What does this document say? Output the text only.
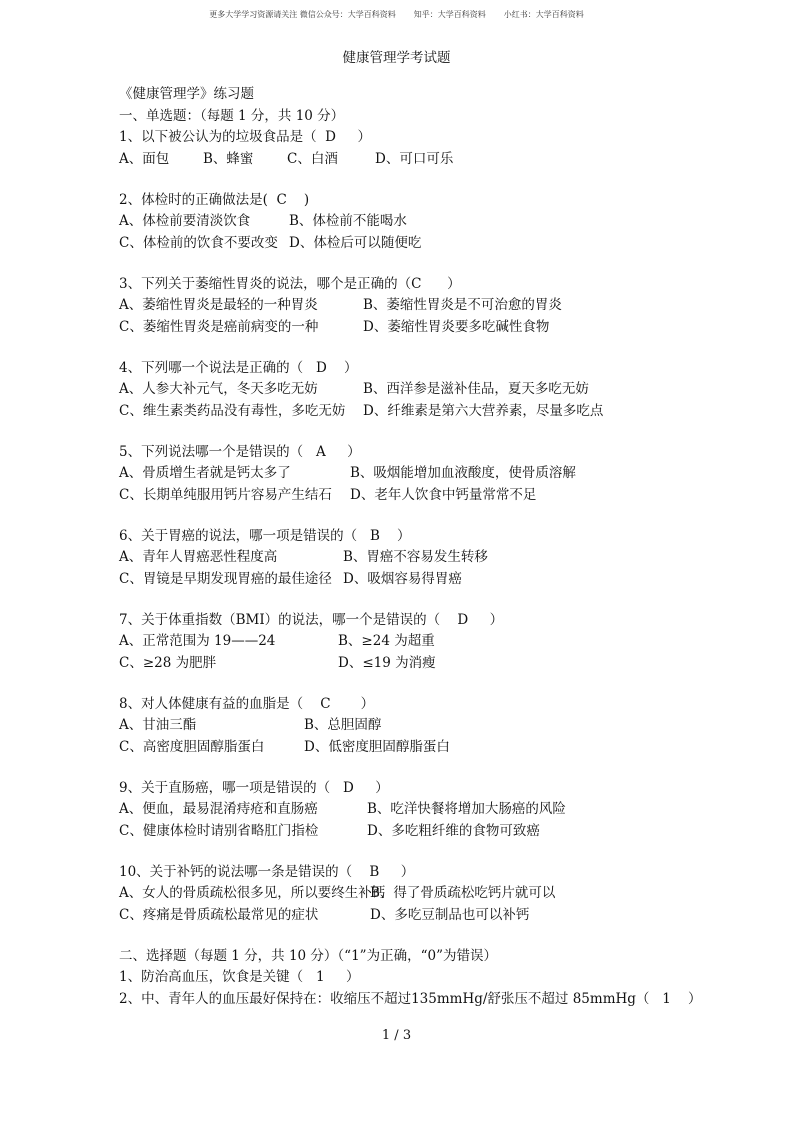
更多大学学习资源请关注 微信公众号：大学百科资料 知乎：大学百科资料 小红书：大学百科资料
健康管理学考试题
《健康管理学》练习题
一、单选题：（每题 1 分，共 10 分）
1、以下被公认为的垃圾食品是（  D     ）
A、面包	B、蜂蜜 C、白酒	D、可口可乐
2、体检时的正确做法是(  C    )
A、体检前要清淡饮食	B、体检前不能喝水
C、体检前的饮食不要改变 D、体检后可以随便吃
3、下列关于萎缩性胃炎的说法，哪个是正确的（C      ）
A、萎缩性胃炎是最轻的一种胃炎	B、萎缩性胃炎是不可治愈的胃炎
C、萎缩性胃炎是癌前病变的一种	D、萎缩性胃炎要多吃碱性食物
4、下列哪一个说法是正确的（   D    ）
A、人参大补元气，冬天多吃无妨	B、西洋参是滋补佳品，夏天多吃无妨
C、维生素类药品没有毒性，多吃无妨 D、纤维素是第六大营养素，尽量多吃点
5、下列说法哪一个是错误的（   A     ）
A、骨质增生者就是钙太多了	B、吸烟能增加血液酸度，使骨质溶解
C、长期单纯服用钙片容易产生结石 D、老年人饮食中钙量常常不足
6、关于胃癌的说法，哪一项是错误的（   B    ）
A、青年人胃癌恶性程度高	B、胃癌不容易发生转移
C、胃镜是早期发现胃癌的最佳途径 D、吸烟容易得胃癌
7、关于体重指数（BMI）的说法，哪一个是错误的（    D     ）
A、正常范围为 19——24	B、≥24 为超重
C、≥28 为肥胖	D、≤19 为消瘦
8、对人体健康有益的血脂是（    C       ）
A、甘油三酯	B、总胆固醇
C、高密度胆固醇脂蛋白	D、低密度胆固醇脂蛋白
9、关于直肠癌，哪一项是错误的（   D     ）
A、便血，最易混淆痔疮和直肠癌	B、吃洋快餐将增加大肠癌的风险
C、健康体检时请别省略肛门指检	D、多吃粗纤维的食物可致癌
10、关于补钙的说法哪一条是错误的（    B     ）
A、女人的骨质疏松很多见，所以要终生补钙B、得了骨质疏松吃钙片就可以
C、疼痛是骨质疏松最常见的症状	D、多吃豆制品也可以补钙
二、选择题（每题 1 分，共 10 分）（“1”为正确，“0”为错误）
1、防治高血压，饮食是关键（   1     ）
2、中、青年人的血压最好保持在：收缩压不超过135mmHg/舒张压不超过 85mmHg（   1    ）
1 / 3
